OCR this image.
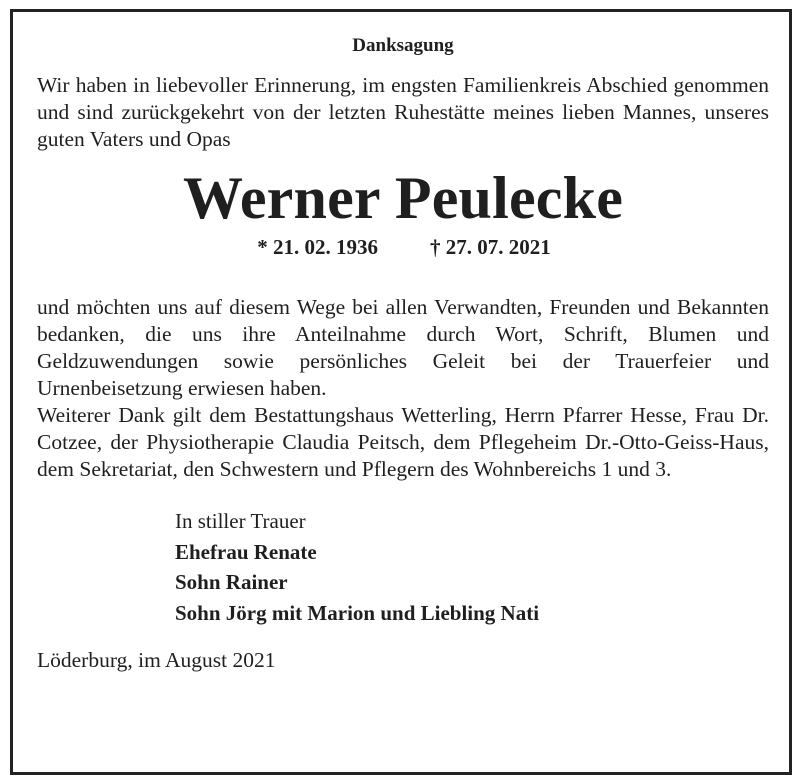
Danksagung

Wir haben in liebevoller Erinnerung, im engsten Familienkreis Abschied genommen und sind zurückgekehrt von der letzten Ruhestätte meines lieben Mannes, unseres guten Vaters und Opas

Werner Peulecke
* 21. 02. 1936 † 27. 07. 2021

und möchten uns auf diesem Wege bei allen Verwandten, Freunden und Bekannten bedanken, die uns ihre Anteilnahme durch Wort, Schrift, Blumen und Geldzuwendungen sowie persönliches Geleit bei der Trauerfeier und Urnenbeisetzung erwiesen haben.

Weiterer Dank gilt dem Bestattungshaus Wetterling, Herrn Pfarrer Hesse, Frau Dr. Cotzee, der Physiotherapie Claudia Peitsch, dem Pflegeheim Dr.-Otto-Geiss-Haus, dem Sekretariat, den Schwestern und Pflegern des Wohnbereichs 1 und 3.

In stiller Trauer
Ehefrau Renate
Sohn Rainer
Sohn Jörg mit Marion und Liebling Nati
Löderburg, im August 2021
